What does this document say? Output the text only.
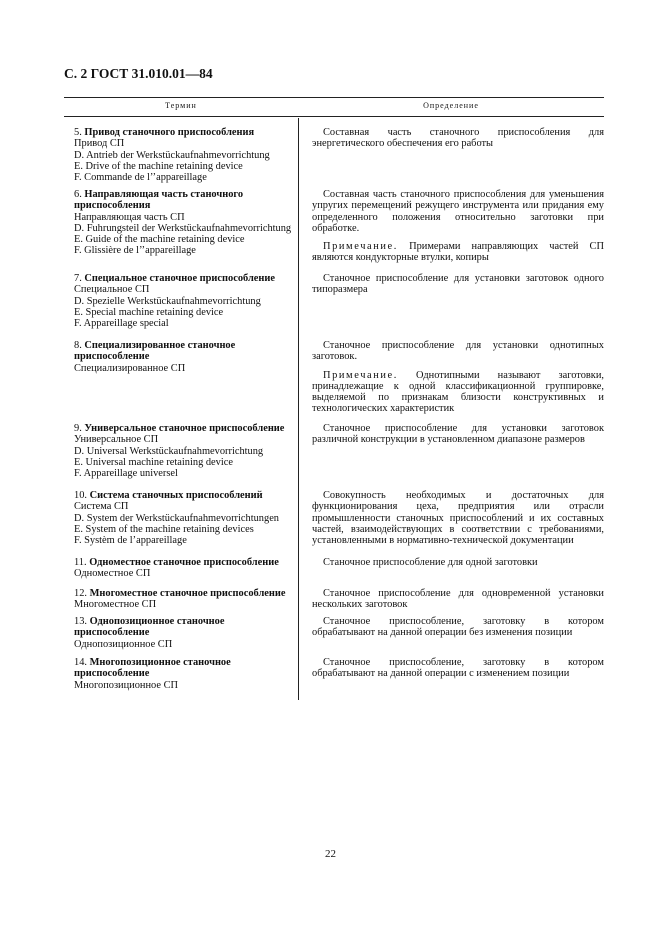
С. 2 ГОСТ 31.010.01—84
Термин	Определение
5. Привод станочного приспособления
Привод СП
D. Antrieb der Werkstückaufnahmevorrichtung
E. Drive of the machine retaining device
F. Commande de l’’appareillage
Составная часть станочного приспособления для энергетического обеспечения его работы
6. Направляющая часть станочного приспособления
Направляющая часть СП
D. Fuhrungsteil der Werkstückaufnahmevorrichtung
E. Guide of the machine retaining device
F. Glissière de l’’appareillage
Составная часть станочного приспособления для уменьшения упругих перемещений режущего инструмента или придания ему определенного положения относительно заготовки при обработке.
Примечание. Примерами направляющих частей СП являются кондукторные втулки, копиры
7. Специальное станочное приспособление
Специальное СП
D. Spezielle Werkstückaufnahmevorrichtung
E. Special machine retaining device
F. Appareillage special
Станочное приспособление для установки заготовок одного типоразмера
8. Специализированное станочное приспособление
Специализированное СП
Станочное приспособление для установки однотипных заготовок.
Примечание. Однотипными называют заготовки, принадлежащие к одной классификационной группировке, выделяемой по признакам близости конструктивных и технологических характеристик
9. Универсальное станочное приспособление
Универсальное СП
D. Universal Werkstückaufnahmevorrichtung
E. Universal machine retaining device
F. Appareillage universel
Станочное приспособление для установки заготовок различной конструкции в установленном диапазоне размеров
10. Система станочных приспособлений
Система СП
D. System der Werkstückaufnahmevorrichtungen
E. System of the machine retaining devices
F. Systèm de l’appareillage
Совокупность необходимых и достаточных для функционирования цеха, предприятия или отрасли промышленности станочных приспособлений и их составных частей, взаимодействующих в соответствии с требованиями, установленными в нормативно-технической документации
11. Одноместное станочное приспособление
Одноместное СП
Станочное приспособление для одной заготовки
12. Многоместное станочное приспособление
Многоместное СП
Станочное приспособление для одновременной установки нескольких заготовок
13. Однопозиционное станочное приспособление
Однопозиционное СП
Станочное приспособление, заготовку в котором обрабатывают на данной операции без изменения позиции
14. Многопозиционное станочное приспособление
Многопозиционное СП
Станочное приспособление, заготовку в котором обрабатывают на данной операции с изменением позиции
22
